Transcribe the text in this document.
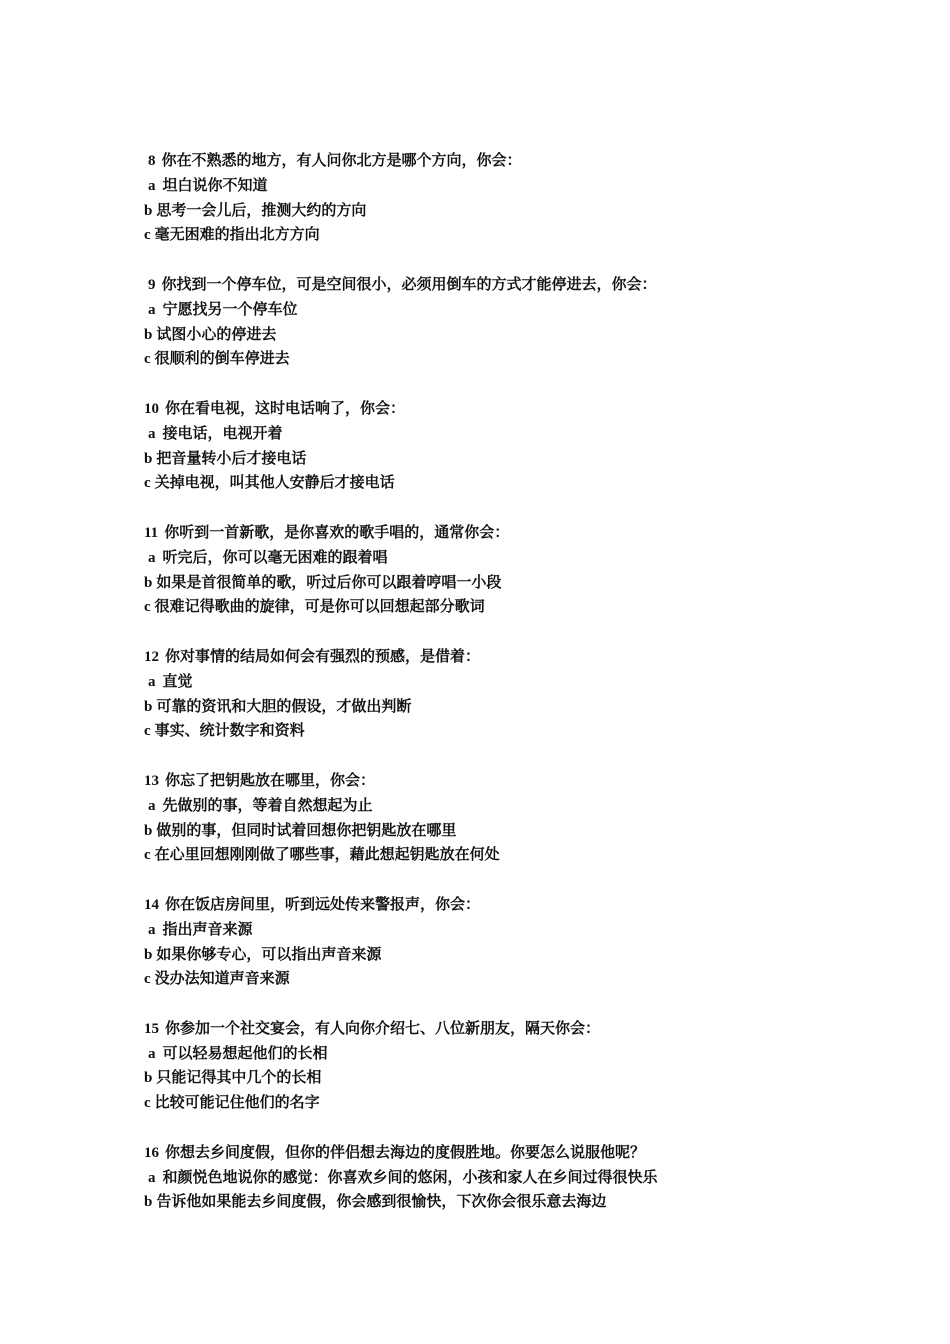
8 你在不熟悉的地方，有人问你北方是哪个方向，你会：
a 坦白说你不知道
b 思考一会儿后，推测大约的方向
c 毫无困难的指出北方方向
9 你找到一个停车位，可是空间很小，必须用倒车的方式才能停进去，你会：
a 宁愿找另一个停车位
b 试图小心的停进去
c 很顺利的倒车停进去
10 你在看电视，这时电话响了，你会：
a 接电话，电视开着
b 把音量转小后才接电话
c 关掉电视，叫其他人安静后才接电话
11 你听到一首新歌，是你喜欢的歌手唱的，通常你会：
a 听完后，你可以毫无困难的跟着唱
b 如果是首很简单的歌，听过后你可以跟着哼唱一小段
c 很难记得歌曲的旋律，可是你可以回想起部分歌词
12 你对事情的结局如何会有强烈的预感，是借着：
a 直觉
b 可靠的资讯和大胆的假设，才做出判断
c 事实、统计数字和资料
13 你忘了把钥匙放在哪里，你会：
a 先做别的事，等着自然想起为止
b 做别的事，但同时试着回想你把钥匙放在哪里
c 在心里回想刚刚做了哪些事，藉此想起钥匙放在何处
14 你在饭店房间里，听到远处传来警报声，你会：
a 指出声音来源
b 如果你够专心，可以指出声音来源
c 没办法知道声音来源
15 你参加一个社交宴会，有人向你介绍七、八位新朋友，隔天你会：
a 可以轻易想起他们的长相
b 只能记得其中几个的长相
c 比较可能记住他们的名字
16 你想去乡间度假，但你的伴侣想去海边的度假胜地。你要怎么说服他呢？
a 和颜悦色地说你的感觉：你喜欢乡间的悠闲，小孩和家人在乡间过得很快乐
b 告诉他如果能去乡间度假，你会感到很愉快，下次你会很乐意去海边
